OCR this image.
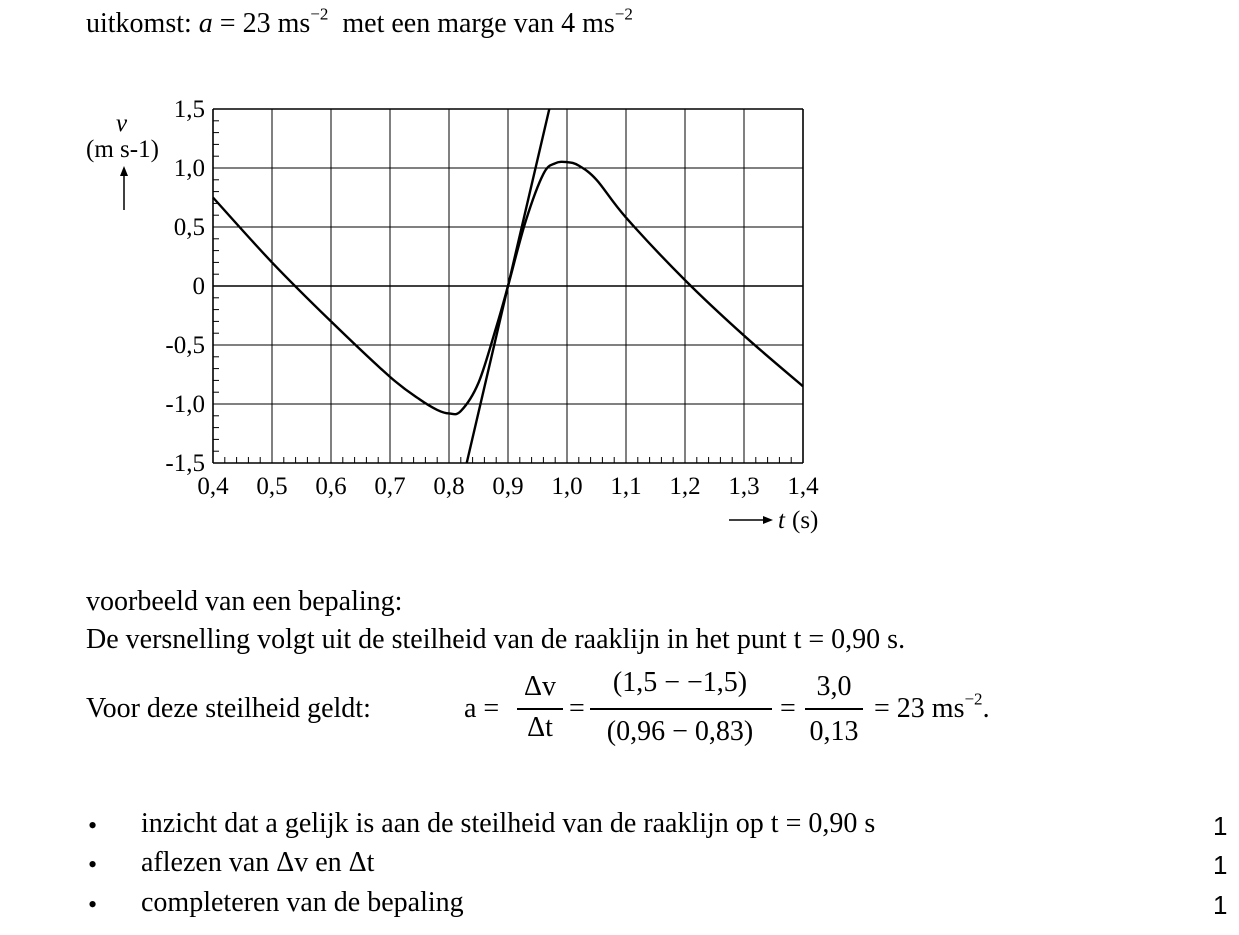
uitkomst: a = 23 $ms^{-2}$ met een marge van 4 $ms^{-2}$
0,4 0,5 0,6 0,7 0,8 0,9 1,0 1,1 1,2 1,3 1,4
1,5
1,0
0,5
0
-0,5
-1,0
-1,5
v
(m s-1)
t (s)
voorbeeld van een bepaling:
De versnelling volgt uit de steilheid van de raaklijn in het punt t = 0,90 s.
Voor deze steilheid geldt:	a =
Δv
Δt
=
(1,5 − −1,5)
(0,96 − 0,83)
=
3,0
0,13
= 23 $ms^{-2}$.
• inzicht dat a gelijk is aan de steilheid van de raaklijn op t = 0,90 s	1
• aflezen van Δv en Δt	1
• completeren van de bepaling	1
